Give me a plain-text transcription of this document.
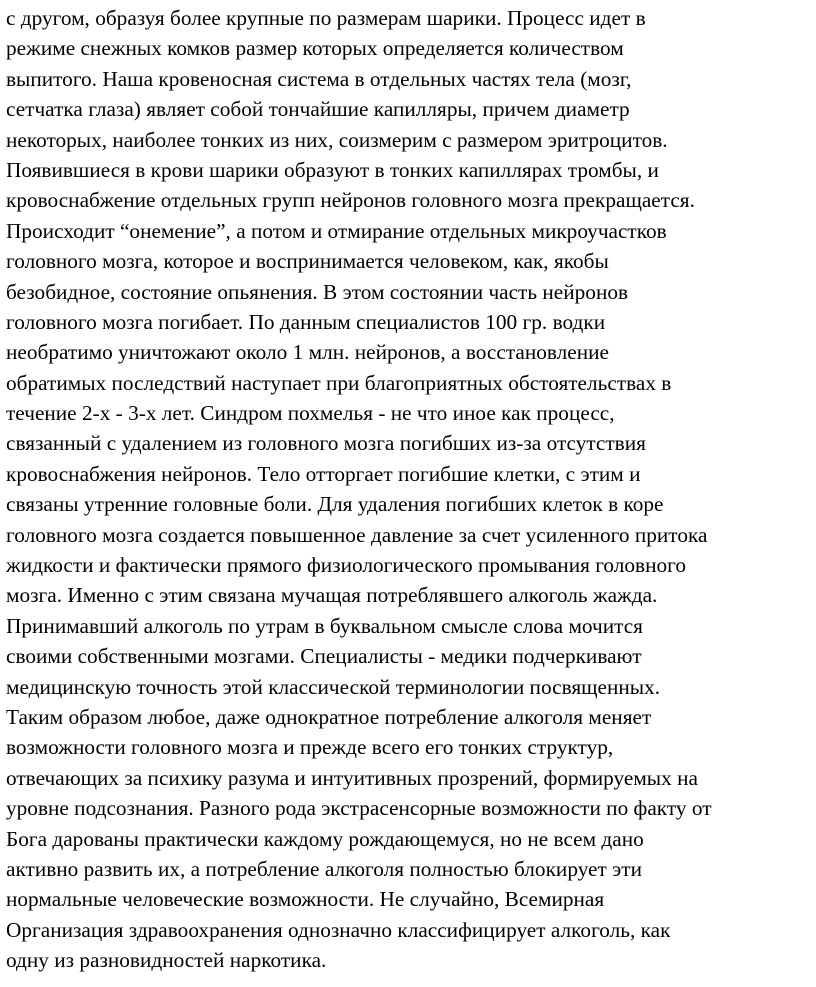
с другом, образуя более крупные по размерам шарики. Процесс идет в
режиме снежных комков размер которых определяется количеством
выпитого. Наша кровеносная система в отдельных частях тела (мозг,
сетчатка глаза) являет собой тончайшие капилляры, причем диаметр
некоторых, наиболее тонких из них, соизмерим с размером эритроцитов.
Появившиеся в крови шарики образуют в тонких капиллярах тромбы, и
кровоснабжение отдельных групп нейронов головного мозга прекращается.
Происходит “онемение”, а потом и отмирание отдельных микроучастков
головного мозга, которое и воспринимается человеком, как, якобы
безобидное, состояние опьянения. В этом состоянии часть нейронов
головного мозга погибает. По данным специалистов 100 гр. водки
необратимо уничтожают около 1 млн. нейронов, а восстановление
обратимых последствий наступает при благоприятных обстоятельствах в
течение 2-х - 3-х лет. Синдром похмелья - не что иное как процесс,
связанный с удалением из головного мозга погибших из-за отсутствия
кровоснабжения нейронов. Тело отторгает погибшие клетки, с этим и
связаны утренние головные боли. Для удаления погибших клеток в коре
головного мозга создается повышенное давление за счет усиленного притока
жидкости и фактически прямого физиологического промывания головного
мозга. Именно с этим связана мучащая потреблявшего алкоголь жажда.
Принимавший алкоголь по утрам в буквальном смысле слова мочится
своими собственными мозгами. Специалисты - медики подчеркивают
медицинскую точность этой классической терминологии посвященных.
Таким образом любое, даже однократное потребление алкоголя меняет
возможности головного мозга и прежде всего его тонких структур,
отвечающих за психику разума и интуитивных прозрений, формируемых на
уровне подсознания. Разного рода экстрасенсорные возможности по факту от
Бога дарованы практически каждому рождающемуся, но не всем дано
активно развить их, а потребление алкоголя полностью блокирует эти
нормальные человеческие возможности. Не случайно, Всемирная
Организация здравоохранения однозначно классифицирует алкоголь, как
одну из разновидностей наркотика.
